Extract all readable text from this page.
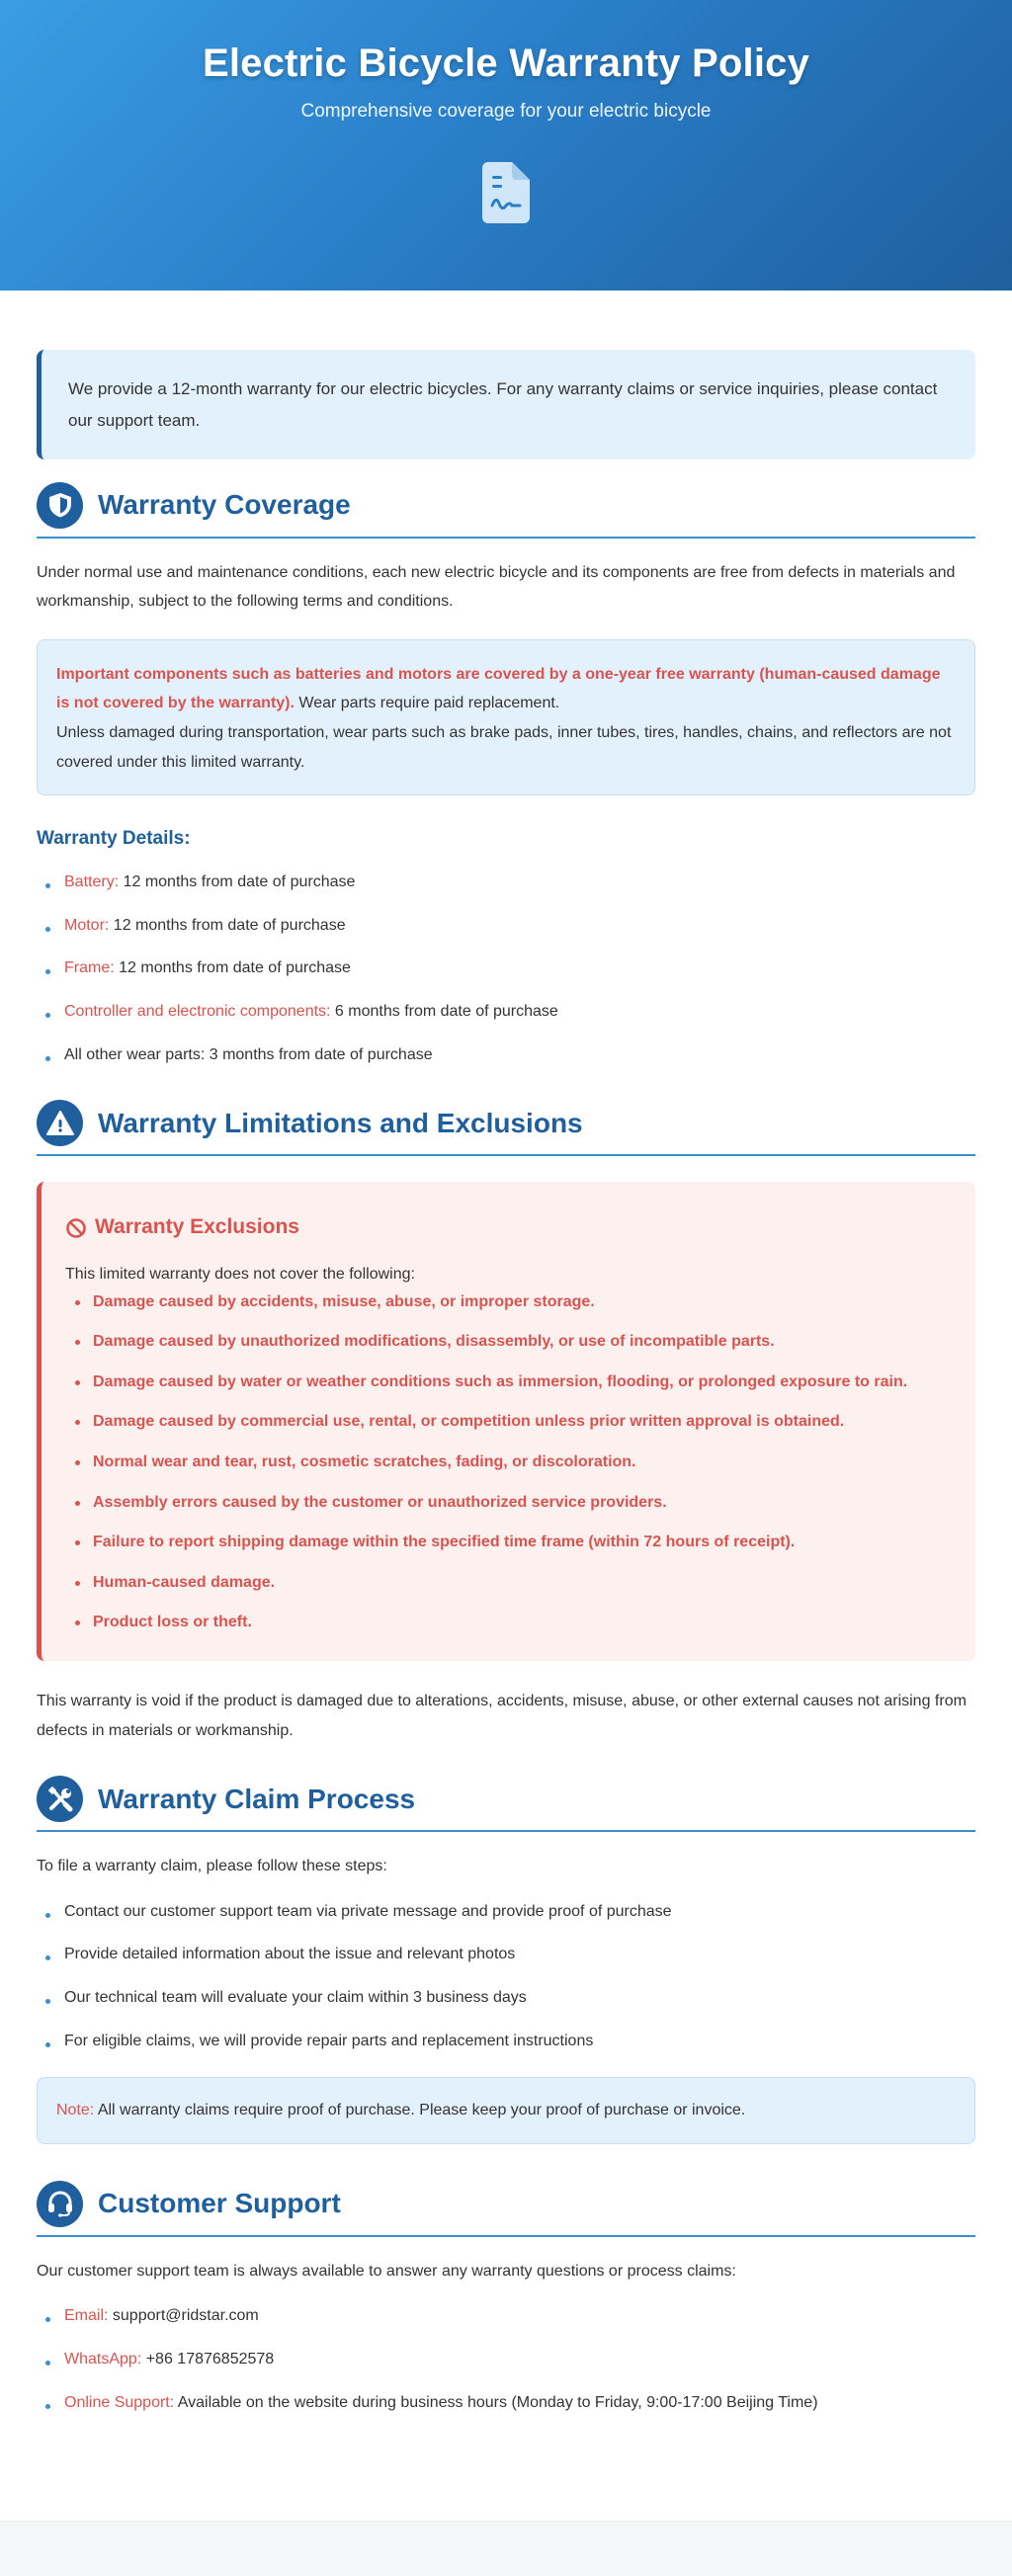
Electric Bicycle Warranty Policy
Comprehensive coverage for your electric bicycle
We provide a 12-month warranty for our electric bicycles. For any warranty claims or service inquiries, please contact our support team.
Warranty Coverage

Under normal use and maintenance conditions, each new electric bicycle and its components are free from defects in materials and workmanship, subject to the following terms and conditions.

Important components such as batteries and motors are covered by a one-year free warranty (human-caused damage is not covered by the warranty). Wear parts require paid replacement.
Unless damaged during transportation, wear parts such as brake pads, inner tubes, tires, handles, chains, and reflectors are not covered under this limited warranty.
Warranty Details:
Battery: 12 months from date of purchase
Motor: 12 months from date of purchase
Frame: 12 months from date of purchase
Controller and electronic components: 6 months from date of purchase
All other wear parts: 3 months from date of purchase
Warranty Limitations and Exclusions
Warranty Exclusions

This limited warranty does not cover the following:

Damage caused by accidents, misuse, abuse, or improper storage.
Damage caused by unauthorized modifications, disassembly, or use of incompatible parts.
Damage caused by water or weather conditions such as immersion, flooding, or prolonged exposure to rain.
Damage caused by commercial use, rental, or competition unless prior written approval is obtained.
Normal wear and tear, rust, cosmetic scratches, fading, or discoloration.
Assembly errors caused by the customer or unauthorized service providers.
Failure to report shipping damage within the specified time frame (within 72 hours of receipt).
Human-caused damage.
Product loss or theft.

This warranty is void if the product is damaged due to alterations, accidents, misuse, abuse, or other external causes not arising from defects in materials or workmanship.

Warranty Claim Process

To file a warranty claim, please follow these steps:

Contact our customer support team via private message and provide proof of purchase
Provide detailed information about the issue and relevant photos
Our technical team will evaluate your claim within 3 business days
For eligible claims, we will provide repair parts and replacement instructions
Note: All warranty claims require proof of purchase. Please keep your proof of purchase or invoice.
Customer Support

Our customer support team is always available to answer any warranty questions or process claims:

Email: support@ridstar.com
WhatsApp: +86 17876852578
Online Support: Available on the website during business hours (Monday to Friday, 9:00-17:00 Beijing Time)
